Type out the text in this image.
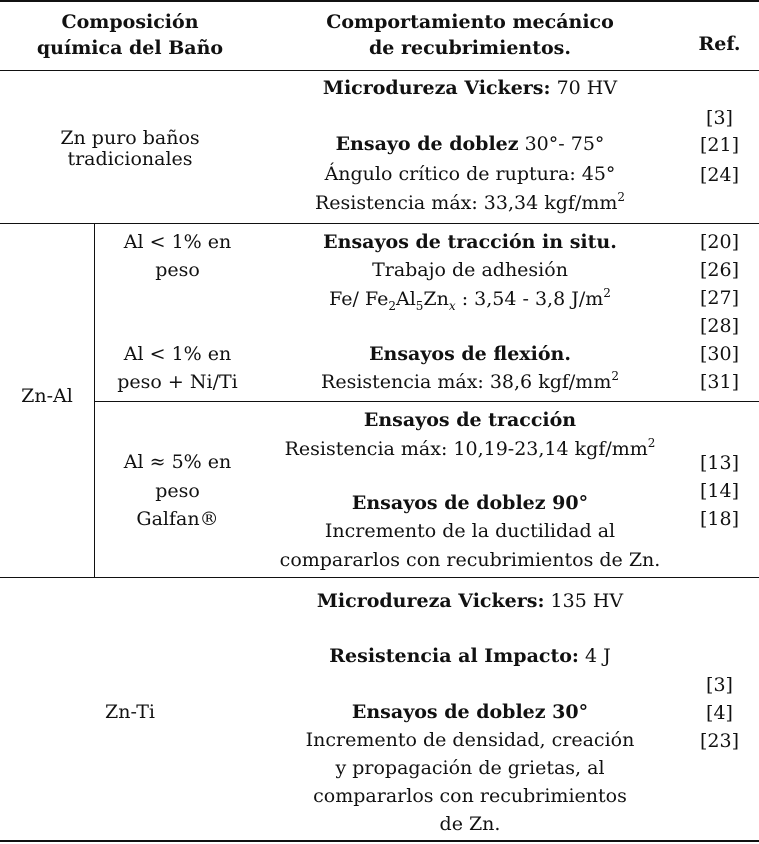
Composición
química del Baño
Comportamiento mecánico
de recubrimientos.	Ref.
Zn puro baños
tradicionales
Microdureza Vickers: 70 HV
Ensayo de doblez 30°- 75°
Ángulo crítico de ruptura: 45°
Resistencia máx: 33,34 kgf/$mm^2$
[3]
[21]
[24]
Zn-Al
Al < 1% en
peso
Al < 1% en
peso + Ni/Ti
Ensayos de tracción in situ.
Trabajo de adhesión
Fe/ $Fe_2Al_5Zn_x$ : 3,54 - 3,8 $J/m^2$
Ensayos de flexión.
Resistencia máx: 38,6 kgf/$mm^2$
[20]
[26]
[27]
[28]
[30]
[31]
Al ≈ 5% en
peso
Galfan®
Ensayos de tracción
Resistencia máx: 10,19-23,14 kgf/$mm^2$
Ensayos de doblez 90°
Incremento de la ductilidad al
compararlos con recubrimientos de Zn.
[13]
[14]
[18]
Zn-Ti
Microdureza Vickers: 135 HV
Resistencia al Impacto: 4 J
Ensayos de doblez 30°
Incremento de densidad, creación
y propagación de grietas, al
compararlos con recubrimientos
de Zn.
[3]
[4]
[23]
